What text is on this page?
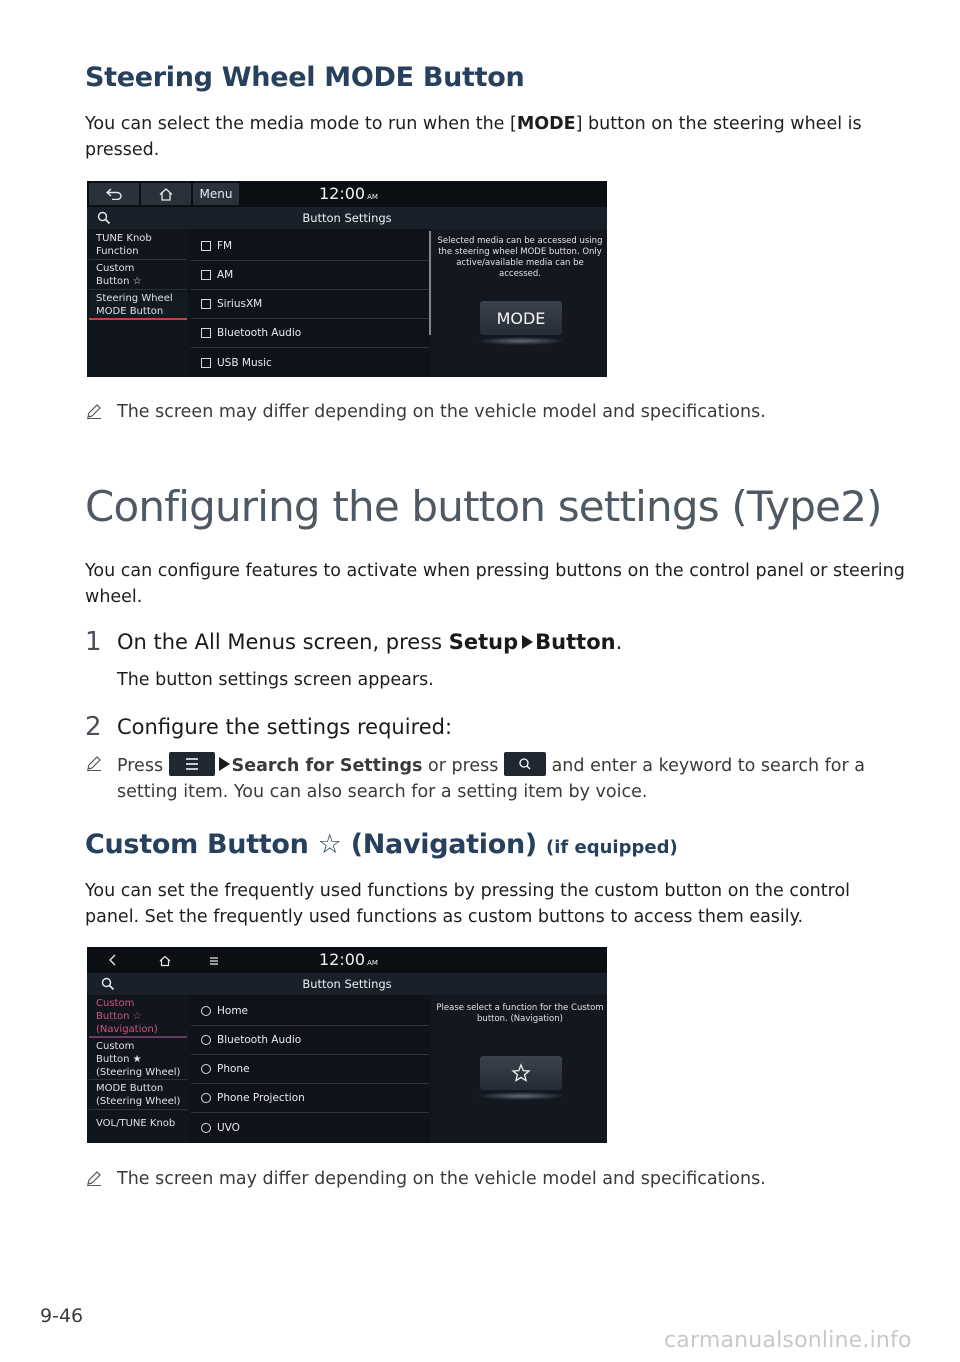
Steering Wheel MODE Button
You can select the media mode to run when the [MODE] button on the steering wheel is
pressed.
Menu	12:00 AM
Button Settings
TUNE Knob
Function
Custom
Button ☆
Steering Wheel
MODE Button
FM
AM
SiriusXM
Bluetooth Audio
USB Music
Selected media can be accessed using
the steering wheel MODE button. Only
active/available media can be accessed.
MODE
The screen may differ depending on the vehicle model and specifications.
Configuring the button settings (Type2)
You can configure features to activate when pressing buttons on the control panel or steering
wheel.
1 On the All Menus screen, press Setup Button.
The button settings screen appears.
2 Configure the settings required:
Press	Search for Settings or press	and enter a keyword to search for a
setting item. You can also search for a setting item by voice.
Custom Button ☆ (Navigation) (if equipped)
You can set the frequently used functions by pressing the custom button on the control
panel. Set the frequently used functions as custom buttons to access them easily.
12:00 AM
Button Settings
Custom
Button ☆
(Navigation)
Custom
Button ★
(Steering Wheel)
MODE Button
(Steering Wheel)
VOL/TUNE Knob
Home
Bluetooth Audio
Phone
Phone Projection
UVO
Please select a function for the Custom
button. (Navigation)
The screen may differ depending on the vehicle model and specifications.
9-46
carmanualsonline.info
